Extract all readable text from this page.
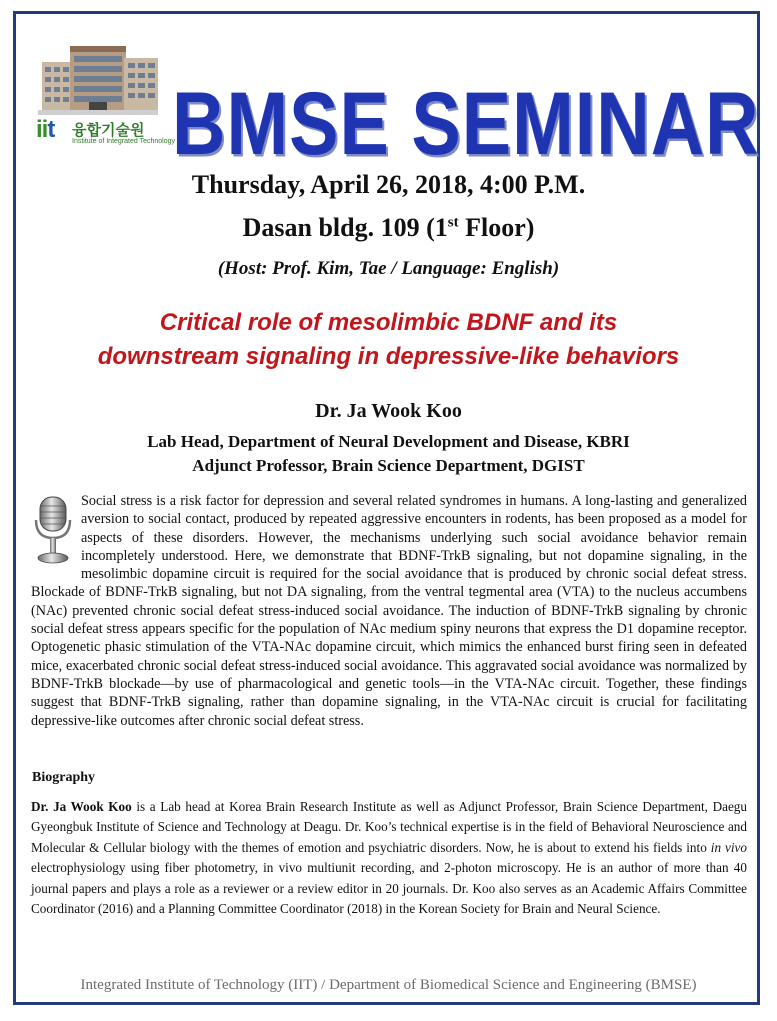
iit 융합기술원
Institute of Integrated Technology
BMSE SEMINAR
Thursday, April 26, 2018, 4:00 P.M.
Dasan bldg. 109 (1st Floor)
(Host: Prof. Kim, Tae / Language: English)
Critical role of mesolimbic BDNF and its
downstream signaling in depressive-like behaviors
Dr. Ja Wook Koo
Lab Head, Department of Neural Development and Disease, KBRI
Adjunct Professor, Brain Science Department, DGIST

Social stress is a risk factor for depression and several related syndromes in humans. A long-lasting and generalized aversion to social contact, produced by repeated aggressive encounters in rodents, has been proposed as a model for aspects of these disorders. However, the mechanisms underlying such social avoidance behavior remain incompletely understood. Here, we demonstrate that BDNF-TrkB signaling, but not dopamine signaling, in the mesolimbic dopamine circuit is required for the social avoidance that is produced by chronic social defeat stress. Blockade of BDNF-TrkB signaling, but not DA signaling, from the ventral tegmental area (VTA) to the nucleus accumbens (NAc) prevented chronic social defeat stress-induced social avoidance. The induction of BDNF-TrkB signaling by chronic social defeat stress appears specific for the population of NAc medium spiny neurons that express the D1 dopamine receptor. Optogenetic phasic stimulation of the VTA-NAc dopamine circuit, which mimics the enhanced burst firing seen in defeated mice, exacerbated chronic social defeat stress-induced social avoidance. This aggravated social avoidance was normalized by BDNF-TrkB blockade—by use of pharmacological and genetic tools—in the VTA-NAc circuit. Together, these findings suggest that BDNF-TrkB signaling, rather than dopamine signaling, in the VTA-NAc circuit is crucial for facilitating depressive-like outcomes after chronic social defeat stress.

Biography

Dr. Ja Wook Koo is a Lab head at Korea Brain Research Institute as well as Adjunct Professor, Brain Science Department, Daegu Gyeongbuk Institute of Science and Technology at Deagu. Dr. Koo’s technical expertise is in the field of Behavioral Neuroscience and Molecular & Cellular biology with the themes of emotion and psychiatric disorders. Now, he is about to extend his fields into in vivo electrophysiology using fiber photometry, in vivo multiunit recording, and 2-photon microscopy. He is an author of more than 40 journal papers and plays a role as a reviewer or a review editor in 20 journals. Dr. Koo also serves as an Academic Affairs Committee Coordinator (2016) and a Planning Committee Coordinator (2018) in the Korean Society for Brain and Neural Science.

Integrated Institute of Technology (IIT) / Department of Biomedical Science and Engineering (BMSE)
